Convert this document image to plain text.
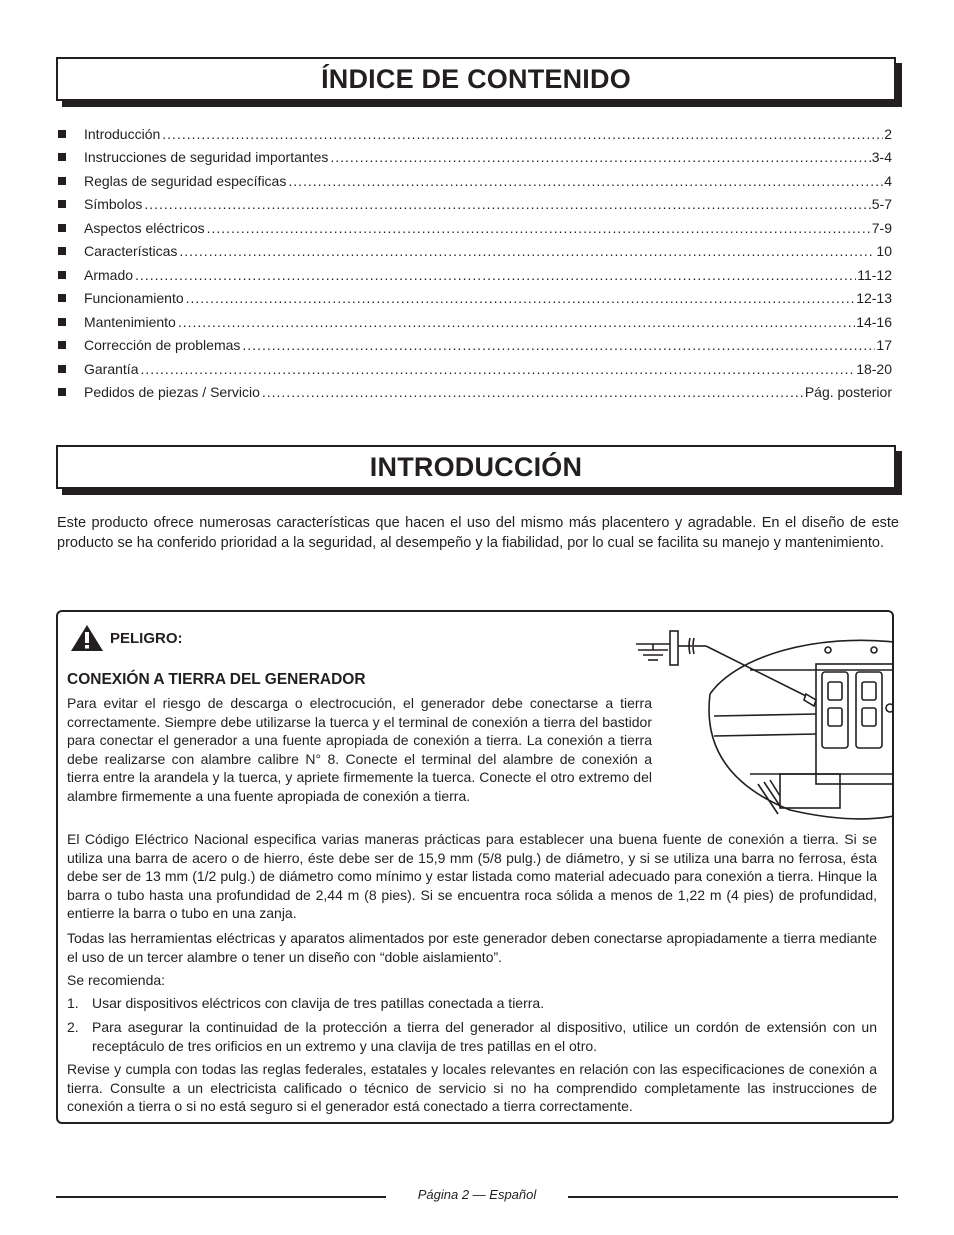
ÍNDICE DE CONTENIDO
Introducción .....	2
Instrucciones de seguridad importantes .....	3-4
Reglas de seguridad específicas .....	4
Símbolos .....	5-7
Aspectos eléctricos .....	7-9
Características .....	10
Armado .....	11-12
Funcionamiento .....	12-13
Mantenimiento .....	14-16
Corrección de problemas .....	17
Garantía .....	18-20
Pedidos de piezas / Servicio .....	Pág. posterior
INTRODUCCIÓN
Este producto ofrece numerosas características que hacen el uso del mismo más placentero y agradable. En el diseño de este producto se ha conferido prioridad a la seguridad, al desempeño y la fiabilidad, por lo cual se facilita su manejo y mantenimiento.
PELIGRO:
CONEXIÓN A TIERRA DEL GENERADOR
Para evitar el riesgo de descarga o electrocución, el generador debe conectarse a tierra correctamente. Siempre debe utilizarse la tuerca y el terminal de conexión a tierra del bastidor para conectar el generador a una fuente apropiada de conexión a tierra. La conexión a tierra debe realizarse con alambre calibre N° 8. Conecte el terminal del alambre de conexión a tierra entre la arandela y la tuerca, y apriete firmemente la tuerca. Conecte el otro extremo del alambre firmemente a una fuente apropiada de conexión a tierra.
El Código Eléctrico Nacional especifica varias maneras prácticas para establecer una buena fuente de conexión a tierra. Si se utiliza una barra de acero o de hierro, éste debe ser de 15,9 mm (5/8 pulg.) de diámetro, y si se utiliza una barra no ferrosa, ésta debe ser de 13 mm (1/2 pulg.) de diámetro como mínimo y estar listada como material adecuado para conexión a tierra. Hinque la barra o tubo hasta una profundidad de 2,44 m (8 pies). Si se encuentra roca sólida a menos de 1,22 m (4 pies) de profundidad, entierre la barra o tubo en una zanja.
Todas las herramientas eléctricas y aparatos alimentados por este generador deben conectarse apropiadamente a tierra mediante el uso de un tercer alambre o tener un diseño con “doble aislamiento”.
Se recomienda:
1. Usar dispositivos eléctricos con clavija de tres patillas conectada a tierra.
2. Para asegurar la continuidad de la protección a tierra del generador al dispositivo, utilice un cordón de extensión con un receptáculo de tres orificios en un extremo y una clavija de tres patillas en el otro.
Revise y cumpla con todas las reglas federales, estatales y locales relevantes en relación con las especificaciones de conexión a tierra. Consulte a un electricista calificado o técnico de servicio si no ha comprendido completamente las instrucciones de conexión a tierra o si no está seguro si el generador está conectado a tierra correctamente.
Página 2 — Español
